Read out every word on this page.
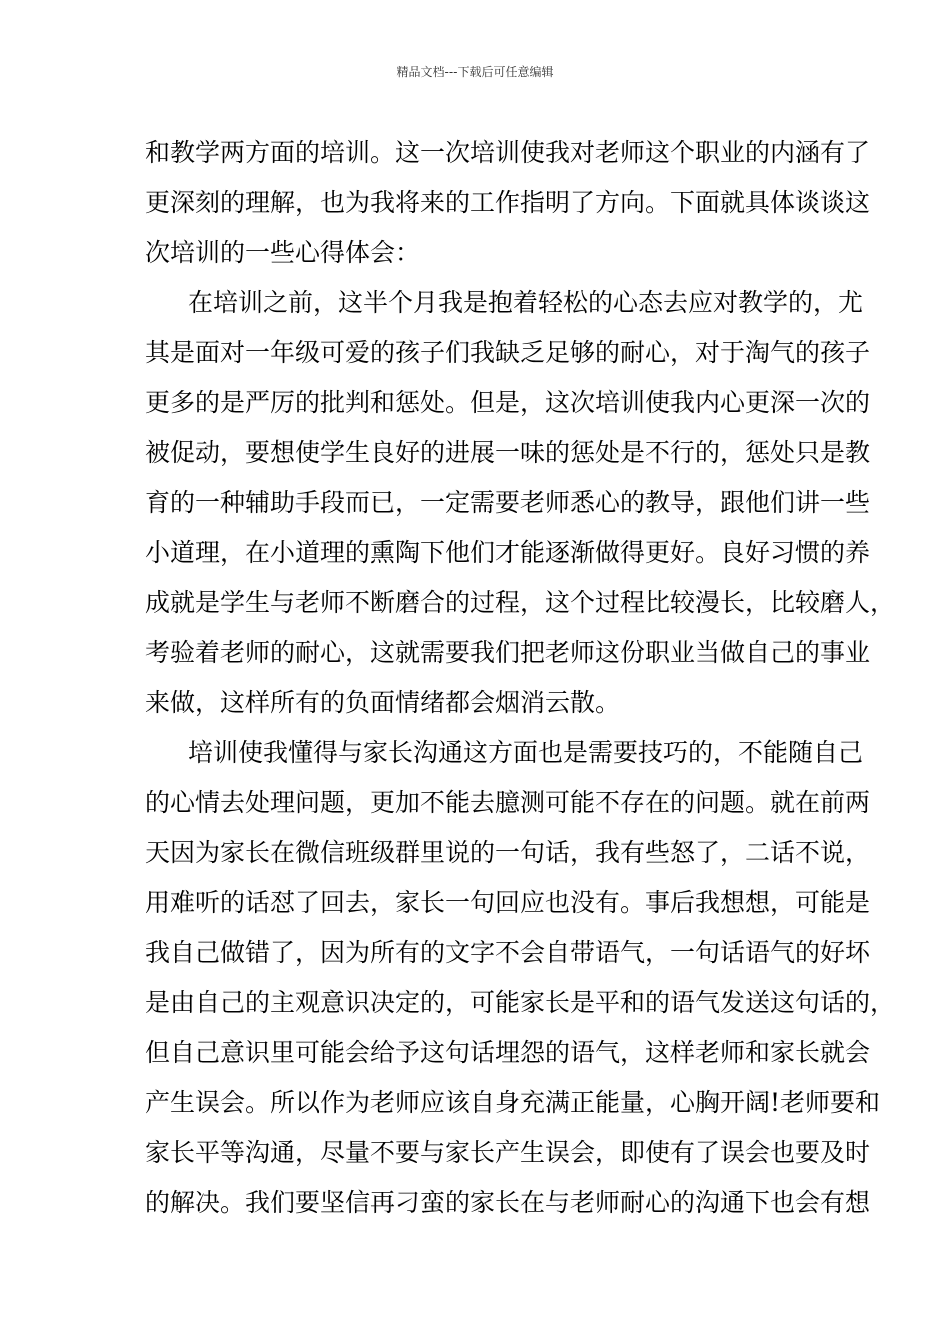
精品文档---下载后可任意编辑
和教学两方面的培训。这一次培训使我对老师这个职业的内涵有了
更深刻的理解，也为我将来的工作指明了方向。下面就具体谈谈这
次培训的一些心得体会：
在培训之前，这半个月我是抱着轻松的心态去应对教学的，尤
其是面对一年级可爱的孩子们我缺乏足够的耐心，对于淘气的孩子
更多的是严厉的批判和惩处。但是，这次培训使我内心更深一次的
被促动，要想使学生良好的进展一味的惩处是不行的，惩处只是教
育的一种辅助手段而已，一定需要老师悉心的教导，跟他们讲一些
小道理，在小道理的熏陶下他们才能逐渐做得更好。良好习惯的养
成就是学生与老师不断磨合的过程，这个过程比较漫长，比较磨人，
考验着老师的耐心，这就需要我们把老师这份职业当做自己的事业
来做，这样所有的负面情绪都会烟消云散。
培训使我懂得与家长沟通这方面也是需要技巧的，不能随自己
的心情去处理问题，更加不能去臆测可能不存在的问题。就在前两
天因为家长在微信班级群里说的一句话，我有些怒了，二话不说，
用难听的话怼了回去，家长一句回应也没有。事后我想想，可能是
我自己做错了，因为所有的文字不会自带语气，一句话语气的好坏
是由自己的主观意识决定的，可能家长是平和的语气发送这句话的，
但自己意识里可能会给予这句话埋怨的语气，这样老师和家长就会
产生误会。所以作为老师应该自身充满正能量，心胸开阔!老师要和
家长平等沟通，尽量不要与家长产生误会，即使有了误会也要及时
的解决。我们要坚信再刁蛮的家长在与老师耐心的沟通下也会有想
